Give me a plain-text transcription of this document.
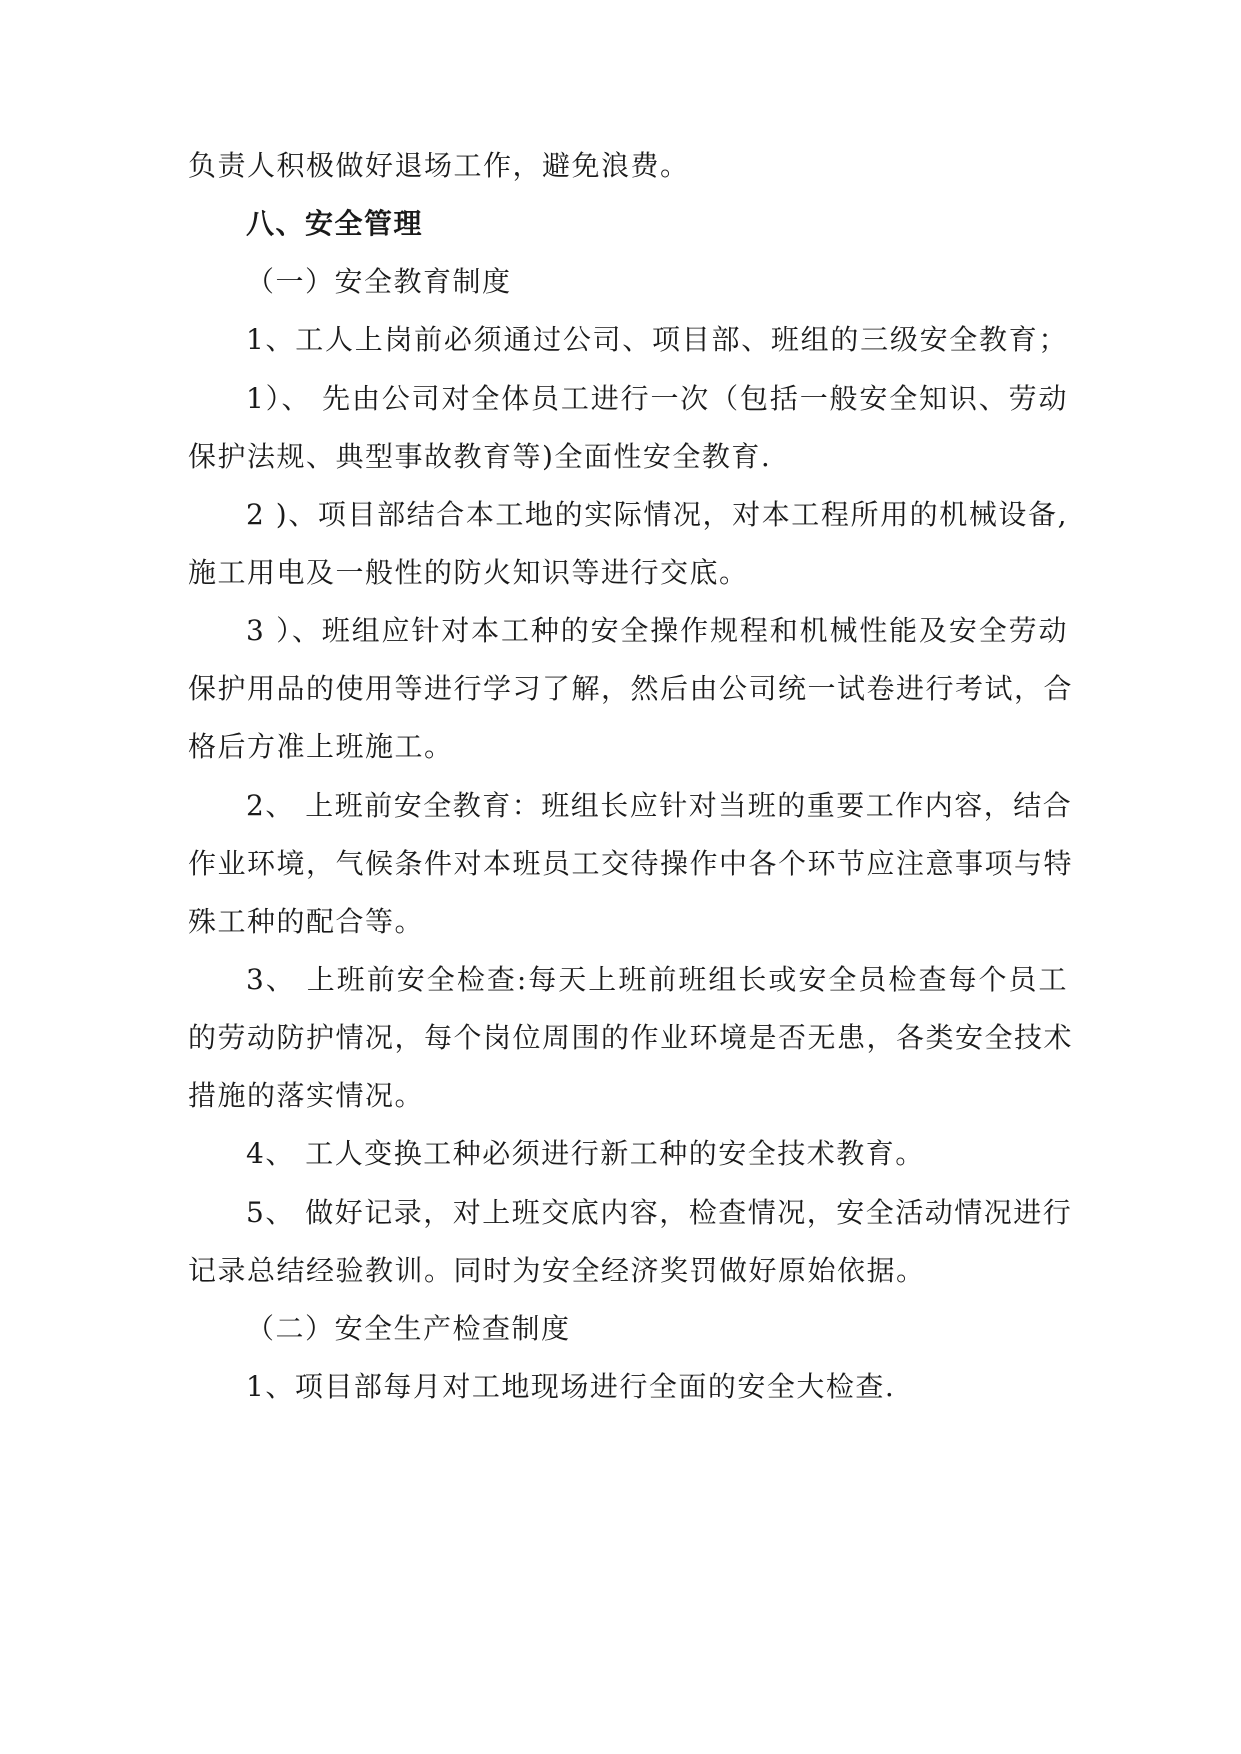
负责人积极做好退场工作，避免浪费。
八、安全管理
（一）安全教育制度
1、工人上岗前必须通过公司、项目部、班组的三级安全教育；
1）、 先由公司对全体员工进行一次（包括一般安全知识、劳动
保护法规、典型事故教育等)全面性安全教育.
2 )、项目部结合本工地的实际情况，对本工程所用的机械设备,
施工用电及一般性的防火知识等进行交底。
3 ）、班组应针对本工种的安全操作规程和机械性能及安全劳动
保护用品的使用等进行学习了解，然后由公司统一试卷进行考试，合
格后方准上班施工。
2、 上班前安全教育：班组长应针对当班的重要工作内容，结合
作业环境，气候条件对本班员工交待操作中各个环节应注意事项与特
殊工种的配合等。
3、 上班前安全检查:每天上班前班组长或安全员检查每个员工
的劳动防护情况，每个岗位周围的作业环境是否无患，各类安全技术
措施的落实情况。
4、 工人变换工种必须进行新工种的安全技术教育。
5、 做好记录，对上班交底内容，检查情况，安全活动情况进行
记录总结经验教训。同时为安全经济奖罚做好原始依据。
（二）安全生产检查制度
1、项目部每月对工地现场进行全面的安全大检查.
